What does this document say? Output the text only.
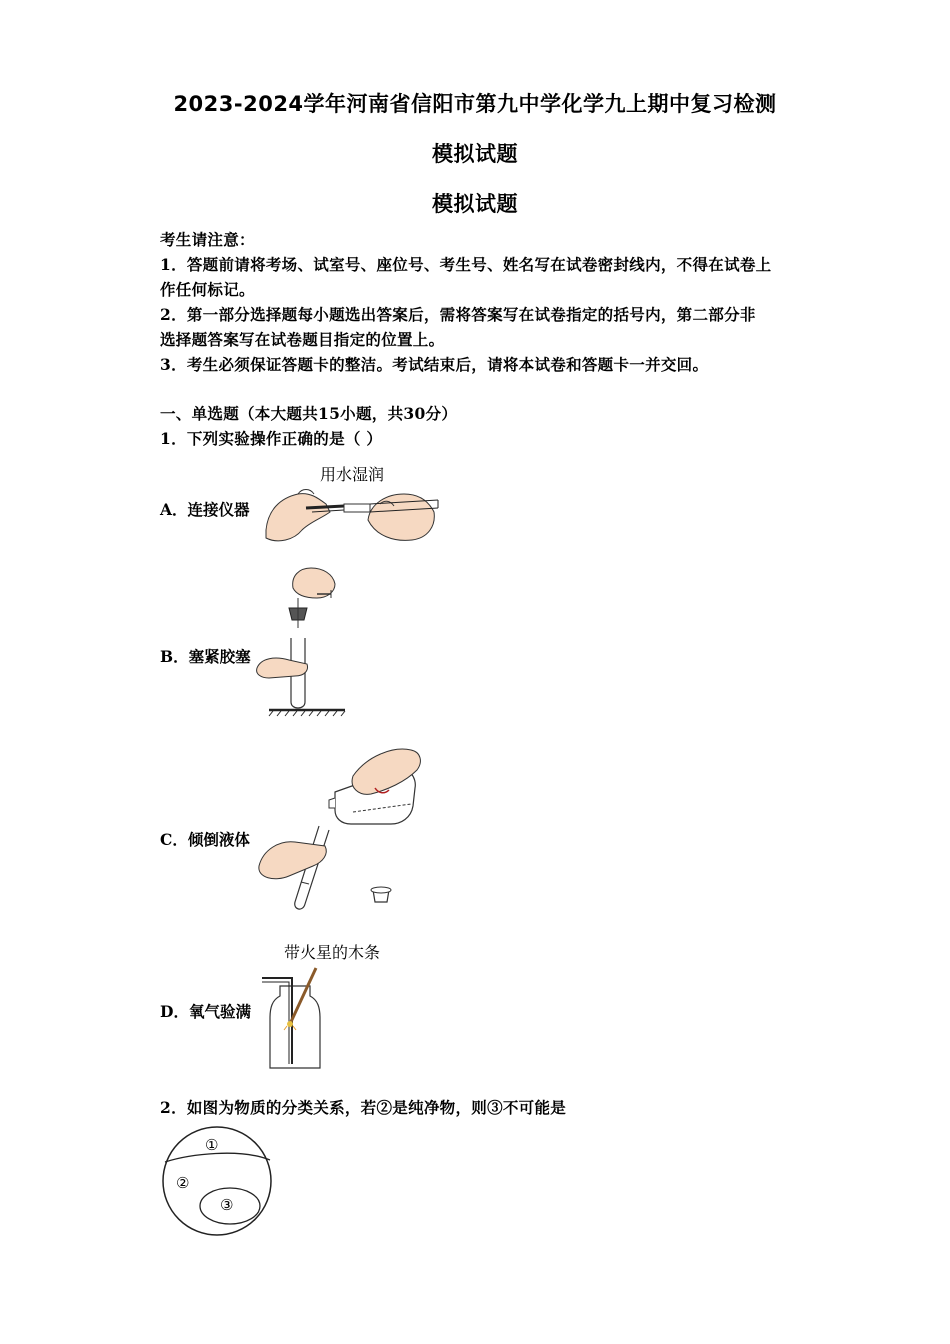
2023-2024学年河南省信阳市第九中学化学九上期中复习检测
模拟试题
模拟试题
考生请注意：
1．答题前请将考场、试室号、座位号、考生号、姓名写在试卷密封线内，不得在试卷上
作任何标记。
2．第一部分选择题每小题选出答案后，需将答案写在试卷指定的括号内，第二部分非
选择题答案写在试卷题目指定的位置上。
3．考生必须保证答题卡的整洁。考试结束后，请将本试卷和答题卡一并交回。
一、单选题（本大题共15小题，共30分）
1．下列实验操作正确的是（ ）
A．连接仪器
用水湿润
B．塞紧胶塞
C．倾倒液体
D．氧气验满
带火星的木条
2．如图为物质的分类关系，若②是纯净物，则③不可能是
①
②
③
